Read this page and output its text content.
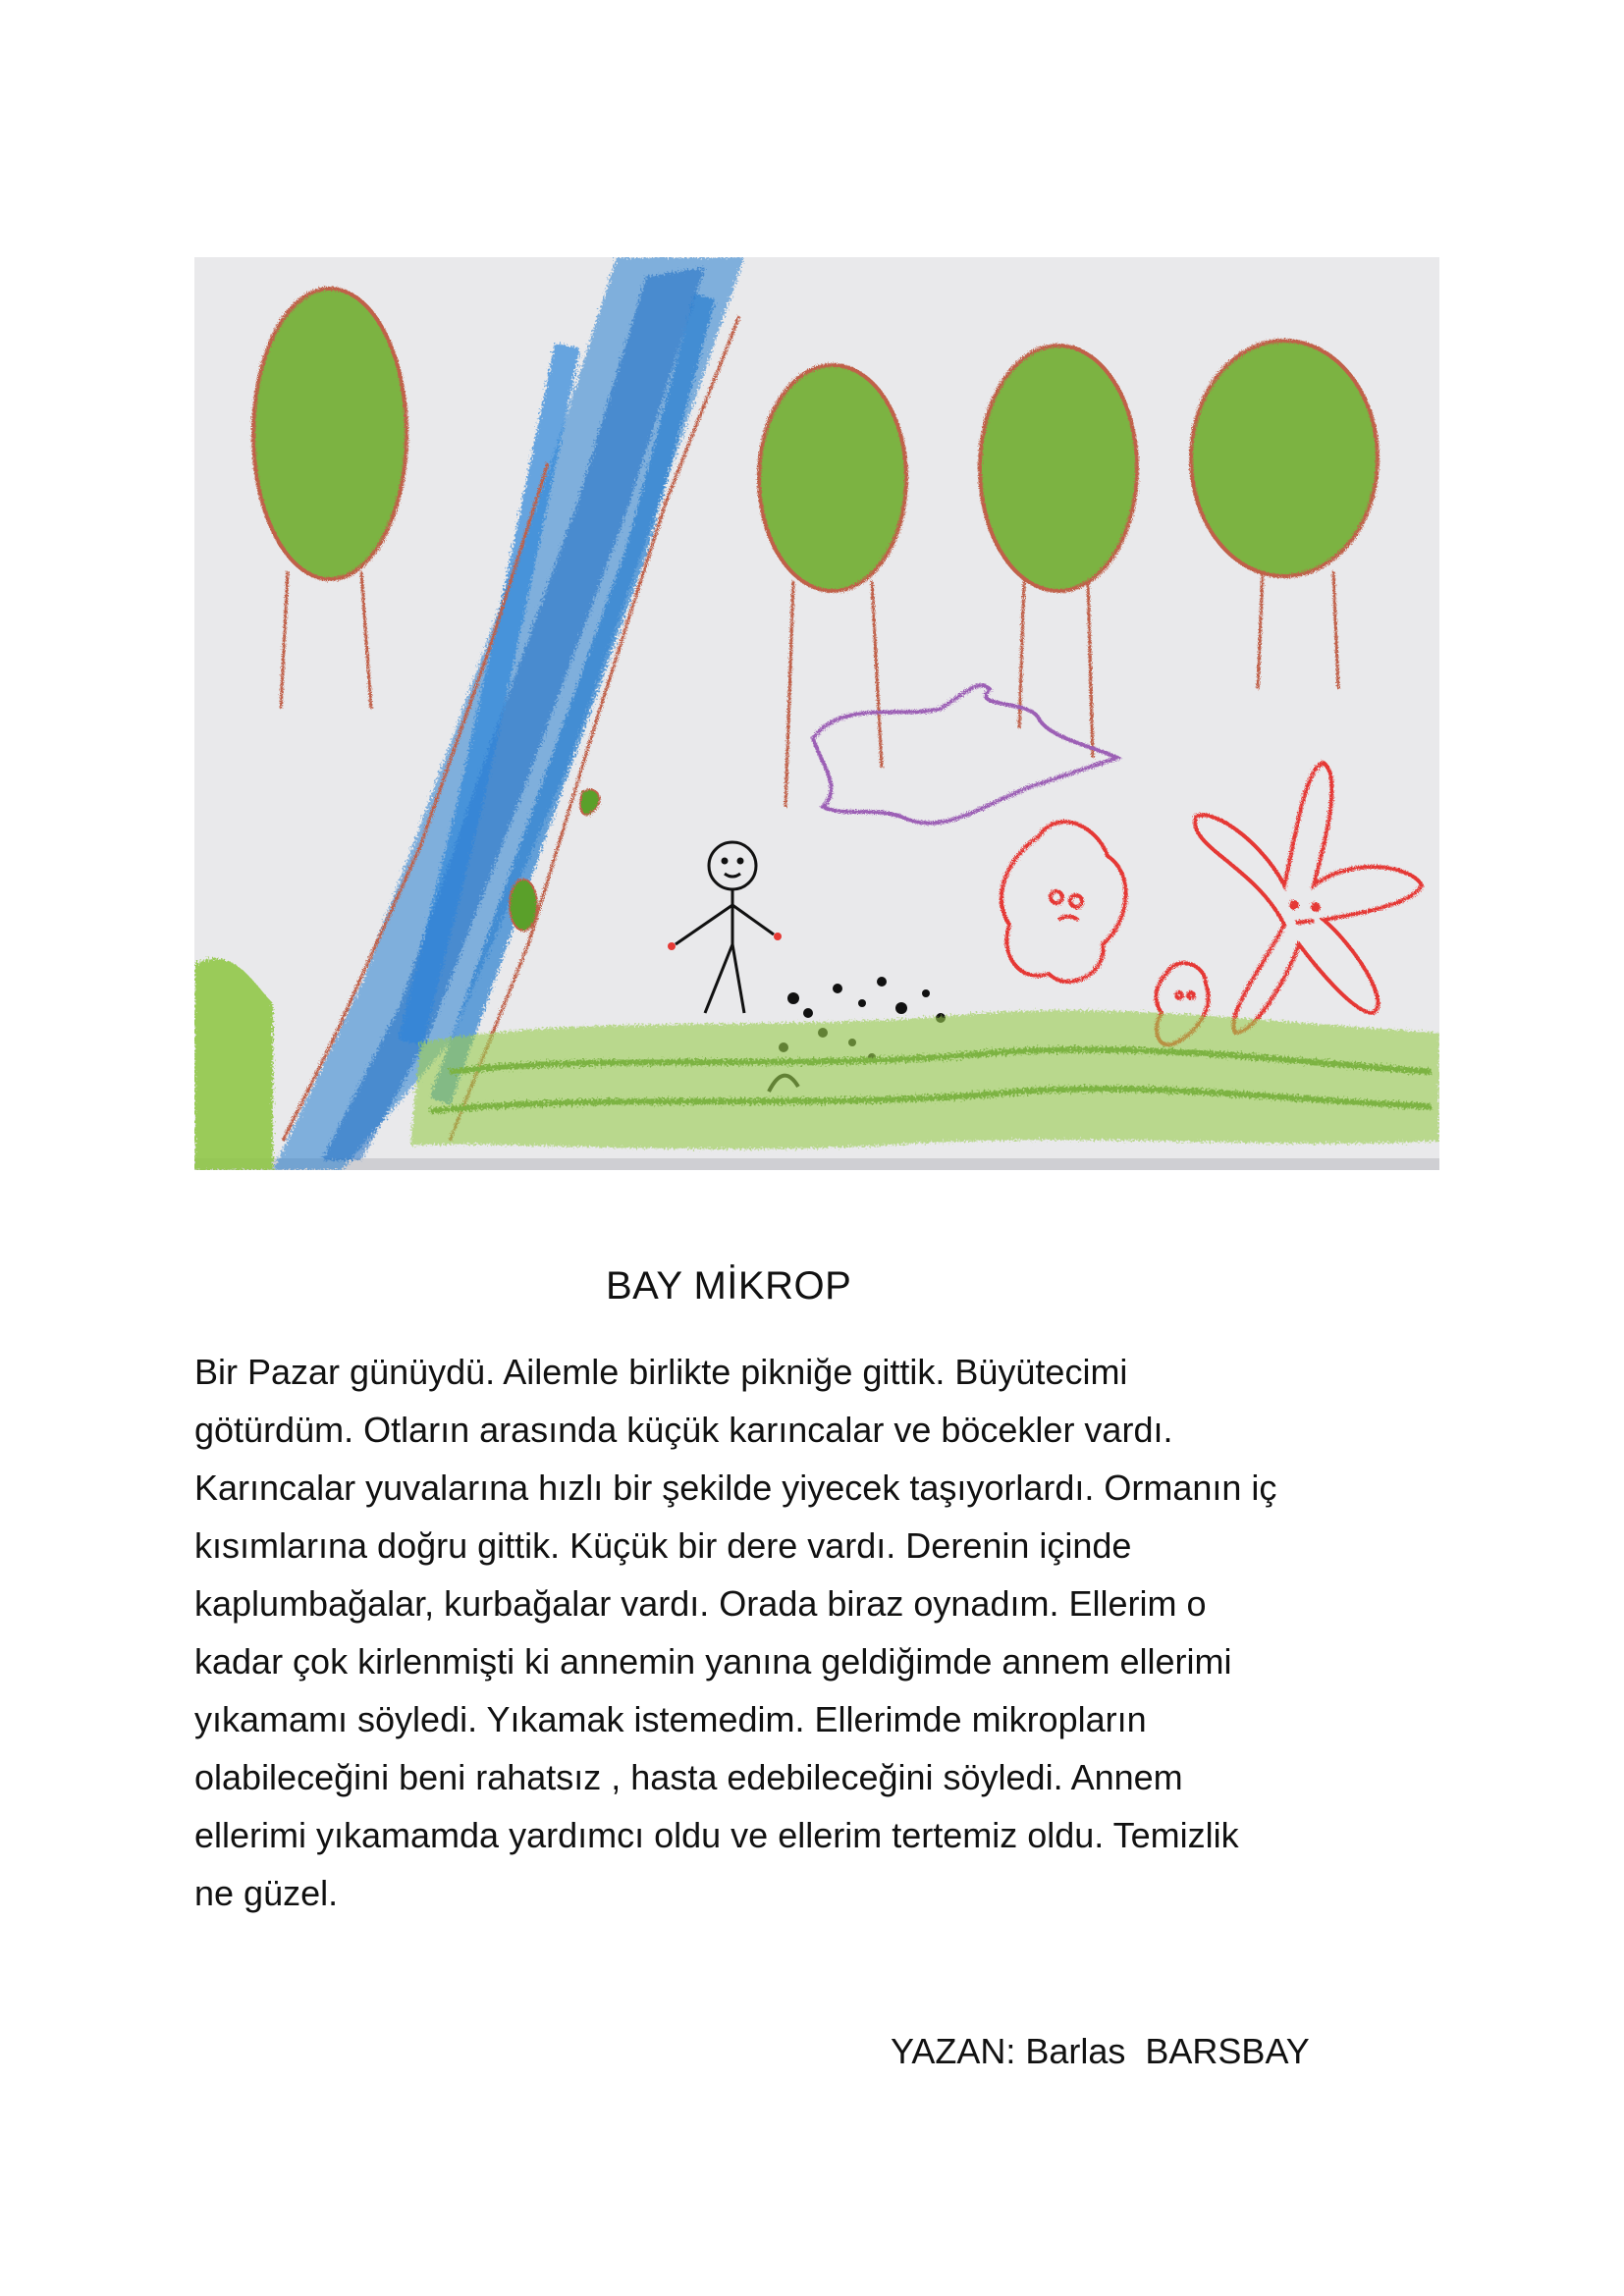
BAY MİKROP

Bir Pazar günüydü. Ailemle birlikte pikniğe gittik. Büyütecimi
götürdüm. Otların arasında küçük karıncalar ve böcekler vardı.
Karıncalar yuvalarına hızlı bir şekilde yiyecek taşıyorlardı. Ormanın iç
kısımlarına doğru gittik. Küçük bir dere vardı. Derenin içinde
kaplumbağalar, kurbağalar vardı. Orada biraz oynadım. Ellerim o
kadar çok kirlenmişti ki annemin yanına geldiğimde annem ellerimi
yıkamamı söyledi. Yıkamak istemedim. Ellerimde mikropların
olabileceğini beni rahatsız , hasta edebileceğini söyledi. Annem
ellerimi yıkamamda yardımcı oldu ve ellerim tertemiz oldu. Temizlik
ne güzel.

YAZAN: Barlas  BARSBAY
